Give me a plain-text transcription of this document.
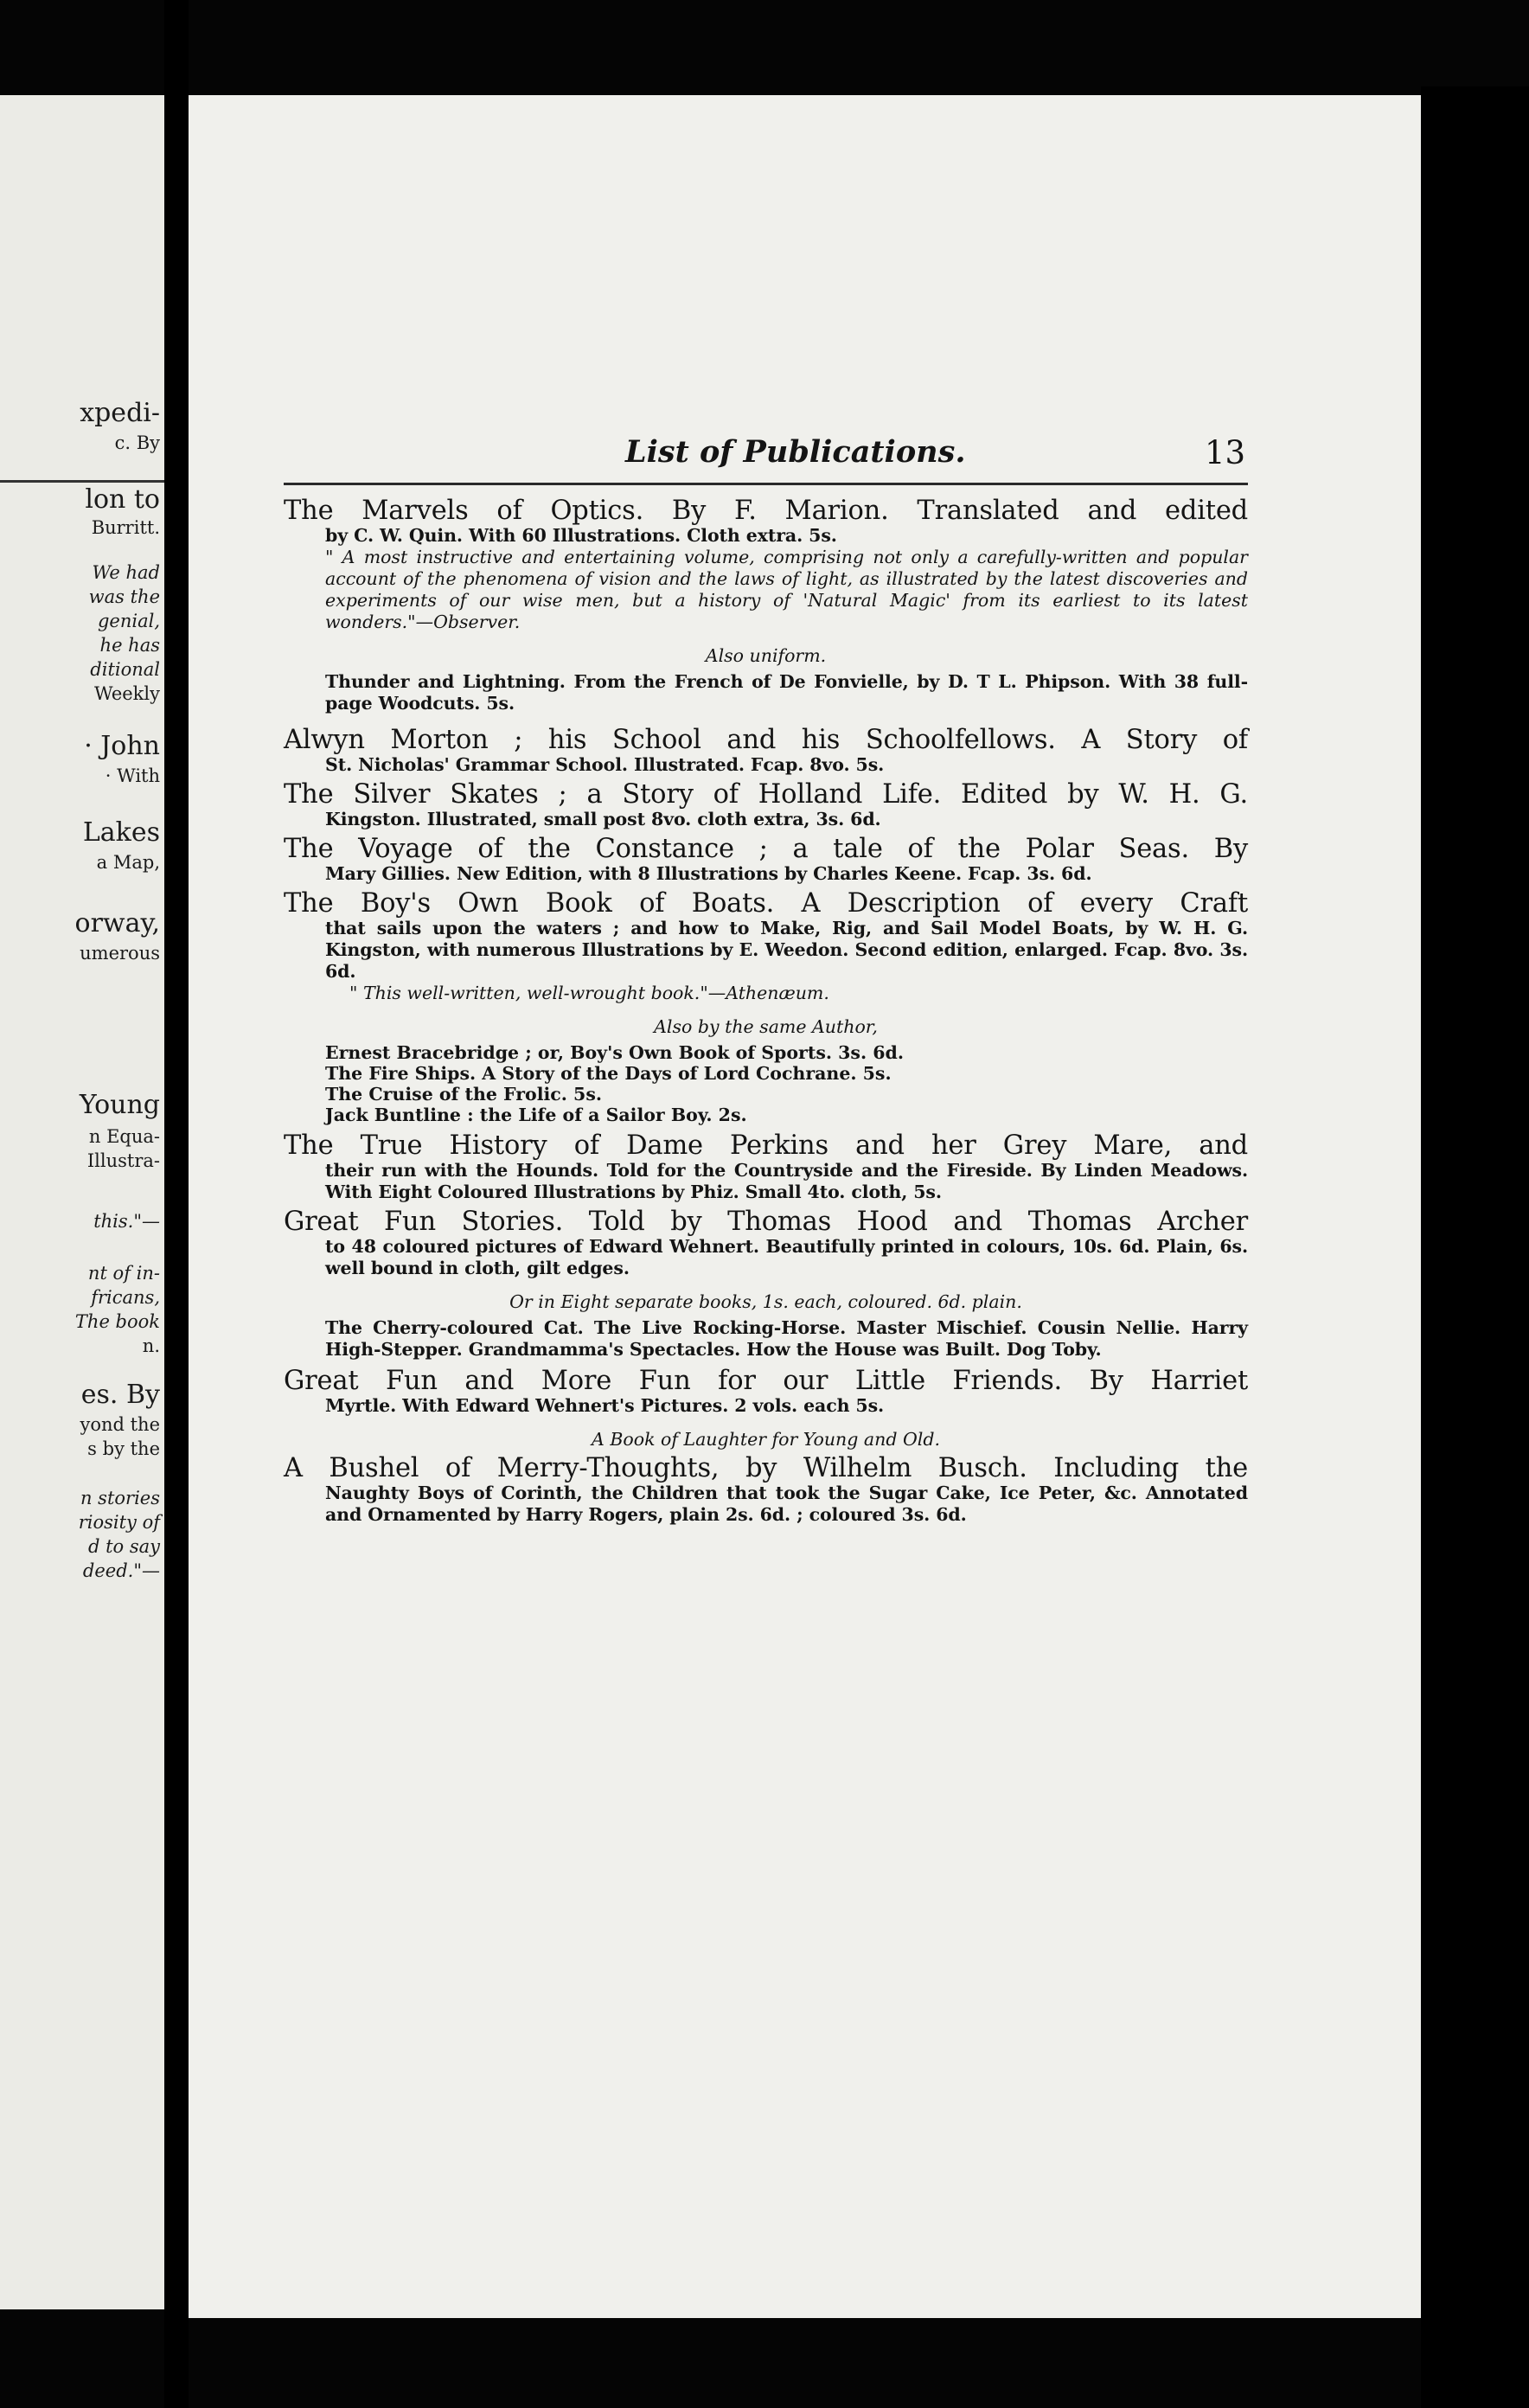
xpedi-
c. By
lon to
Burritt.
We had
was the
genial,
he has
ditional
Weekly
· John
· With
Lakes
a Map,
orway,
umerous
Young
n Equa-
Illustra-
this."—
nt of in-
fricans,
The book
n.
es. By
yond the
s by the
n stories
riosity of
d to say
deed."—
List of Publications.	13
The Marvels of Optics. By F. Marion. Translated and edited
by C. W. Quin. With 60 Illustrations. Cloth extra. 5s.
" A most instructive and entertaining volume, comprising not only a carefully-written and popular account of the phenomena of vision and the laws of light, as illustrated by the latest discoveries and experiments of our wise men, but a history of 'Natural Magic' from its earliest to its latest wonders."—Observer.
Also uniform.
Thunder and Lightning. From the French of De Fonvielle, by D. T L. Phipson. With 38 full-page Woodcuts. 5s.
Alwyn Morton ; his School and his Schoolfellows. A Story of
St. Nicholas' Grammar School. Illustrated. Fcap. 8vo. 5s.
The Silver Skates ; a Story of Holland Life. Edited by W. H. G.
Kingston. Illustrated, small post 8vo. cloth extra, 3s. 6d.
The Voyage of the Constance ; a tale of the Polar Seas. By
Mary Gillies. New Edition, with 8 Illustrations by Charles Keene. Fcap. 3s. 6d.
The Boy's Own Book of Boats. A Description of every Craft
that sails upon the waters ; and how to Make, Rig, and Sail Model Boats, by W. H. G. Kingston, with numerous Illustrations by E. Weedon. Second edition, enlarged. Fcap. 8vo. 3s. 6d.
" This well-written, well-wrought book."—Athenæum.
Also by the same Author,
Ernest Bracebridge ; or, Boy's Own Book of Sports. 3s. 6d.
The Fire Ships. A Story of the Days of Lord Cochrane. 5s.
The Cruise of the Frolic. 5s.
Jack Buntline : the Life of a Sailor Boy. 2s.
The True History of Dame Perkins and her Grey Mare, and
their run with the Hounds. Told for the Countryside and the Fireside. By Linden Meadows. With Eight Coloured Illustrations by Phiz. Small 4to. cloth, 5s.
Great Fun Stories. Told by Thomas Hood and Thomas Archer
to 48 coloured pictures of Edward Wehnert. Beautifully printed in colours, 10s. 6d. Plain, 6s. well bound in cloth, gilt edges.
Or in Eight separate books, 1s. each, coloured. 6d. plain.
The Cherry-coloured Cat. The Live Rocking-Horse. Master Mischief. Cousin Nellie. Harry High-Stepper. Grandmamma's Spectacles. How the House was Built. Dog Toby.
Great Fun and More Fun for our Little Friends. By Harriet
Myrtle. With Edward Wehnert's Pictures. 2 vols. each 5s.
A Book of Laughter for Young and Old.
A Bushel of Merry-Thoughts, by Wilhelm Busch. Including the
Naughty Boys of Corinth, the Children that took the Sugar Cake, Ice Peter, &c. Annotated and Ornamented by Harry Rogers, plain 2s. 6d. ; coloured 3s. 6d.
